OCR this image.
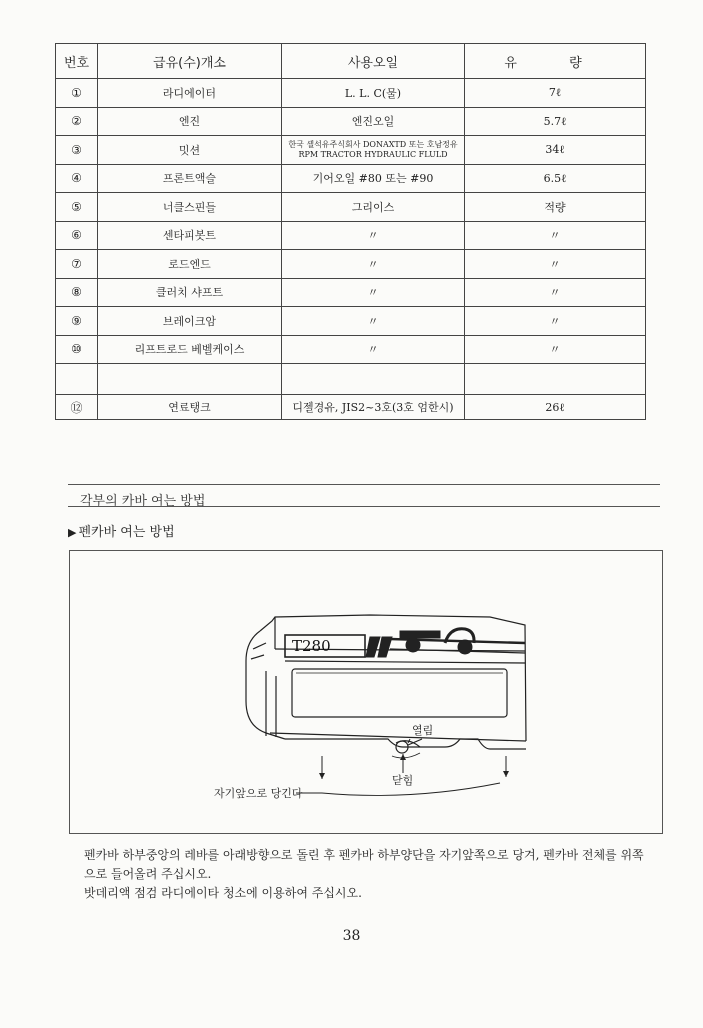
번호	급유(수)개소	사용오일	유 량
①	라디에이터	L. L. C(물)	7ℓ
②	엔진	엔진오일	5.7ℓ
③	밋션	한국 셸석유주식회사 DONAXTD 또는 호남정유
RPM TRACTOR HYDRAULIC FLULD	34ℓ
④	프론트액슬	기어오일 #80 또는 #90	6.5ℓ
⑤	너클스핀들	그리이스	적량
⑥	센타피봇트	〃	〃
⑦	로드엔드	〃	〃
⑧	클러치 샤프트	〃	〃
⑨	브레이크암	〃	〃
⑩	리프트로드 베벨케이스	〃	〃

⑫	연료탱크	디젤경유, JIS2~3호(3호 엄한시)	26ℓ
각부의 카바 여는 방법
▶ 펜카바 여는 방법
T280
열림
닫힘
자기앞으로 당긴다

펜카바 하부중앙의 레바를 아래방향으로 돌린 후 펜카바 하부양단을 자기앞쪽으로 당겨, 펜카바 전체를 위쪽

으로 들어올려 주십시오.

밧데리액 점검 라디에이타 청소에 이용하여 주십시오.

38
